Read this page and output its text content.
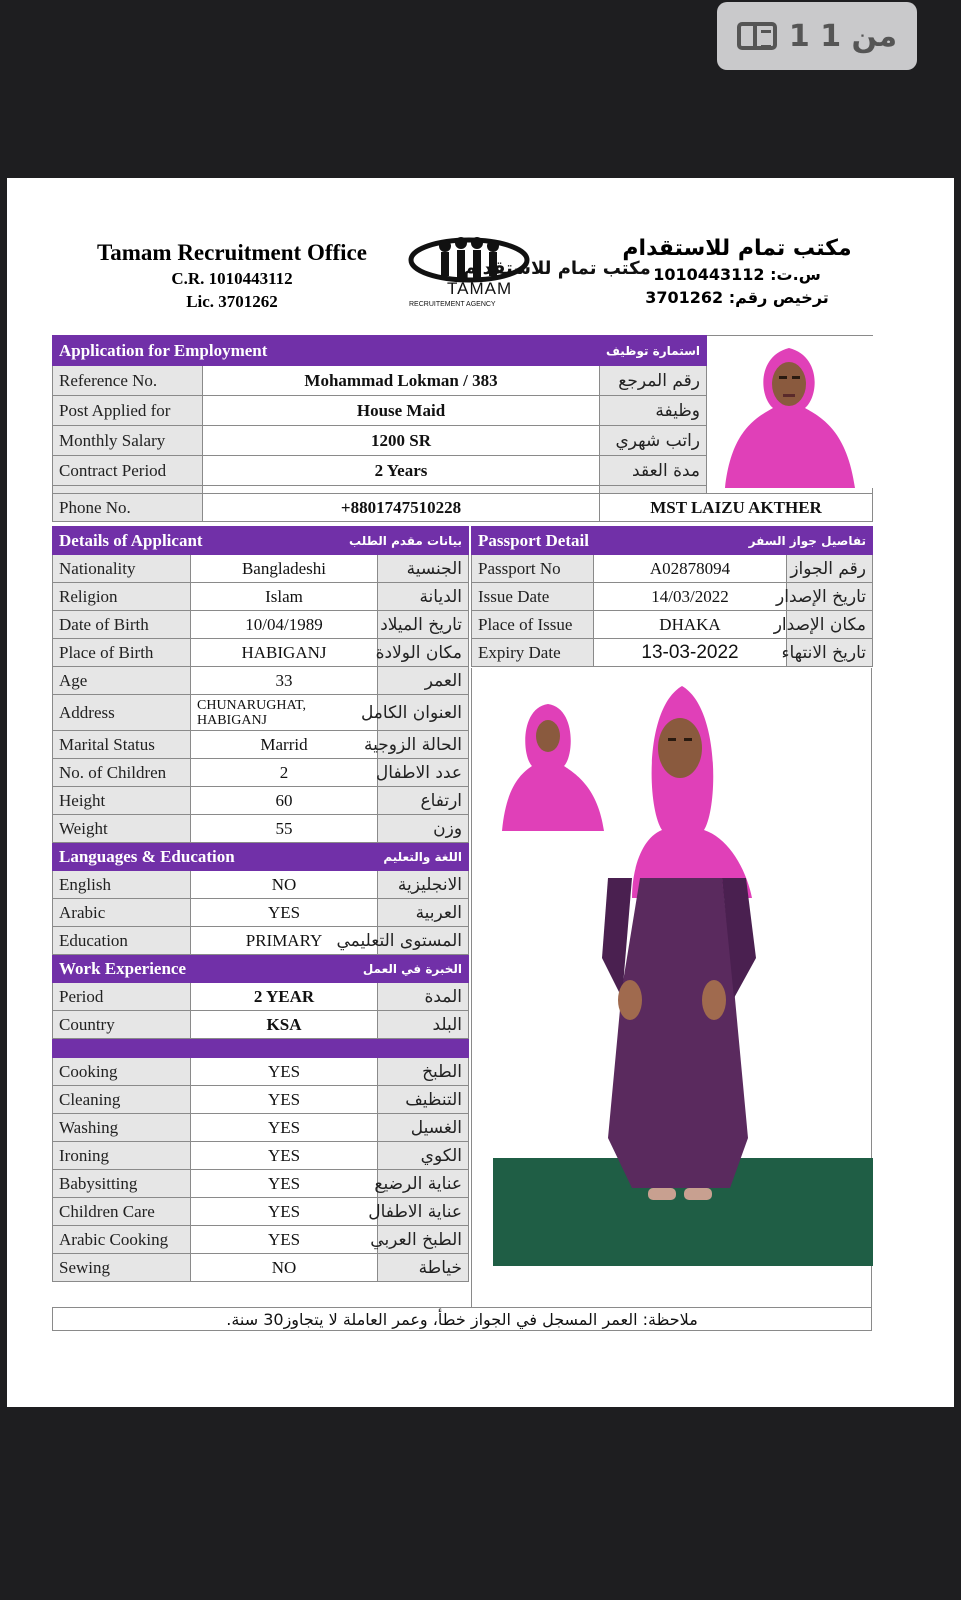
1 من 1
Tamam Recruitment Office
C.R. 1010443112
Lic. 3701262
مكتب تمام للاستقدام
TAMAM
RECRUITEMENT AGENCY
مكتب تمام للاستقدام
س.ت: 1010443112
ترخيص رقم: 3701262
Application for Employment استمارة توظيف

Reference No.	Mohammad Lokman / 383	رقم المرجع	
Post Applied for	House Maid	وظيفة	
Monthly Salary	1200 SR	راتب شهري	
Contract Period	2 Years	مدة العقد	

Phone No.	+8801747510228	MST LAIZU AKTHER	
Details of Applicant بيانات مقدم الطلب		

Nationality	Bangladeshi	الجنسية
Religion	Islam	الديانة
Date of Birth	10/04/1989	تاريخ الميلاد
Place of Birth	HABIGANJ	مكان الولادة
Age	33	العمر
Address	CHUNARUGHAT, HABIGANJ	العنوان الكامل
Marital Status	Marrid	الحالة الزوجية
No. of Children	2	عدد الاطفال
Height	60	ارتفاع
Weight	55	وزن

Languages & Education اللغة والتعليم		

English	NO	الانجليزية
Arabic	YES	العربية
Education	PRIMARY	المستوى التعليمي

Work Experience الخبرة في العمل		

Period	2 YEAR	المدة
Country	KSA	البلد

Cooking	YES	الطبخ
Cleaning	YES	التنظيف
Washing	YES	الغسيل
Ironing	YES	الكوي
Babysitting	YES	عناية الرضيع
Children Care	YES	عناية الاطفال
Arabic Cooking	YES	الطبخ العربي
Sewing	NO	خياطة
Passport Detail تفاصيل جواز السفر		

Passport No	A02878094	رقم الجواز
Issue Date	14/03/2022	تاريخ الإصدار
Place of Issue	DHAKA	مكان الإصدار
Expiry Date	13-03-2022	تاريخ الانتهاء
ملاحظة: العمر المسجل في الجواز خطأ، وعمر العاملة لا يتجاوز30 سنة.
